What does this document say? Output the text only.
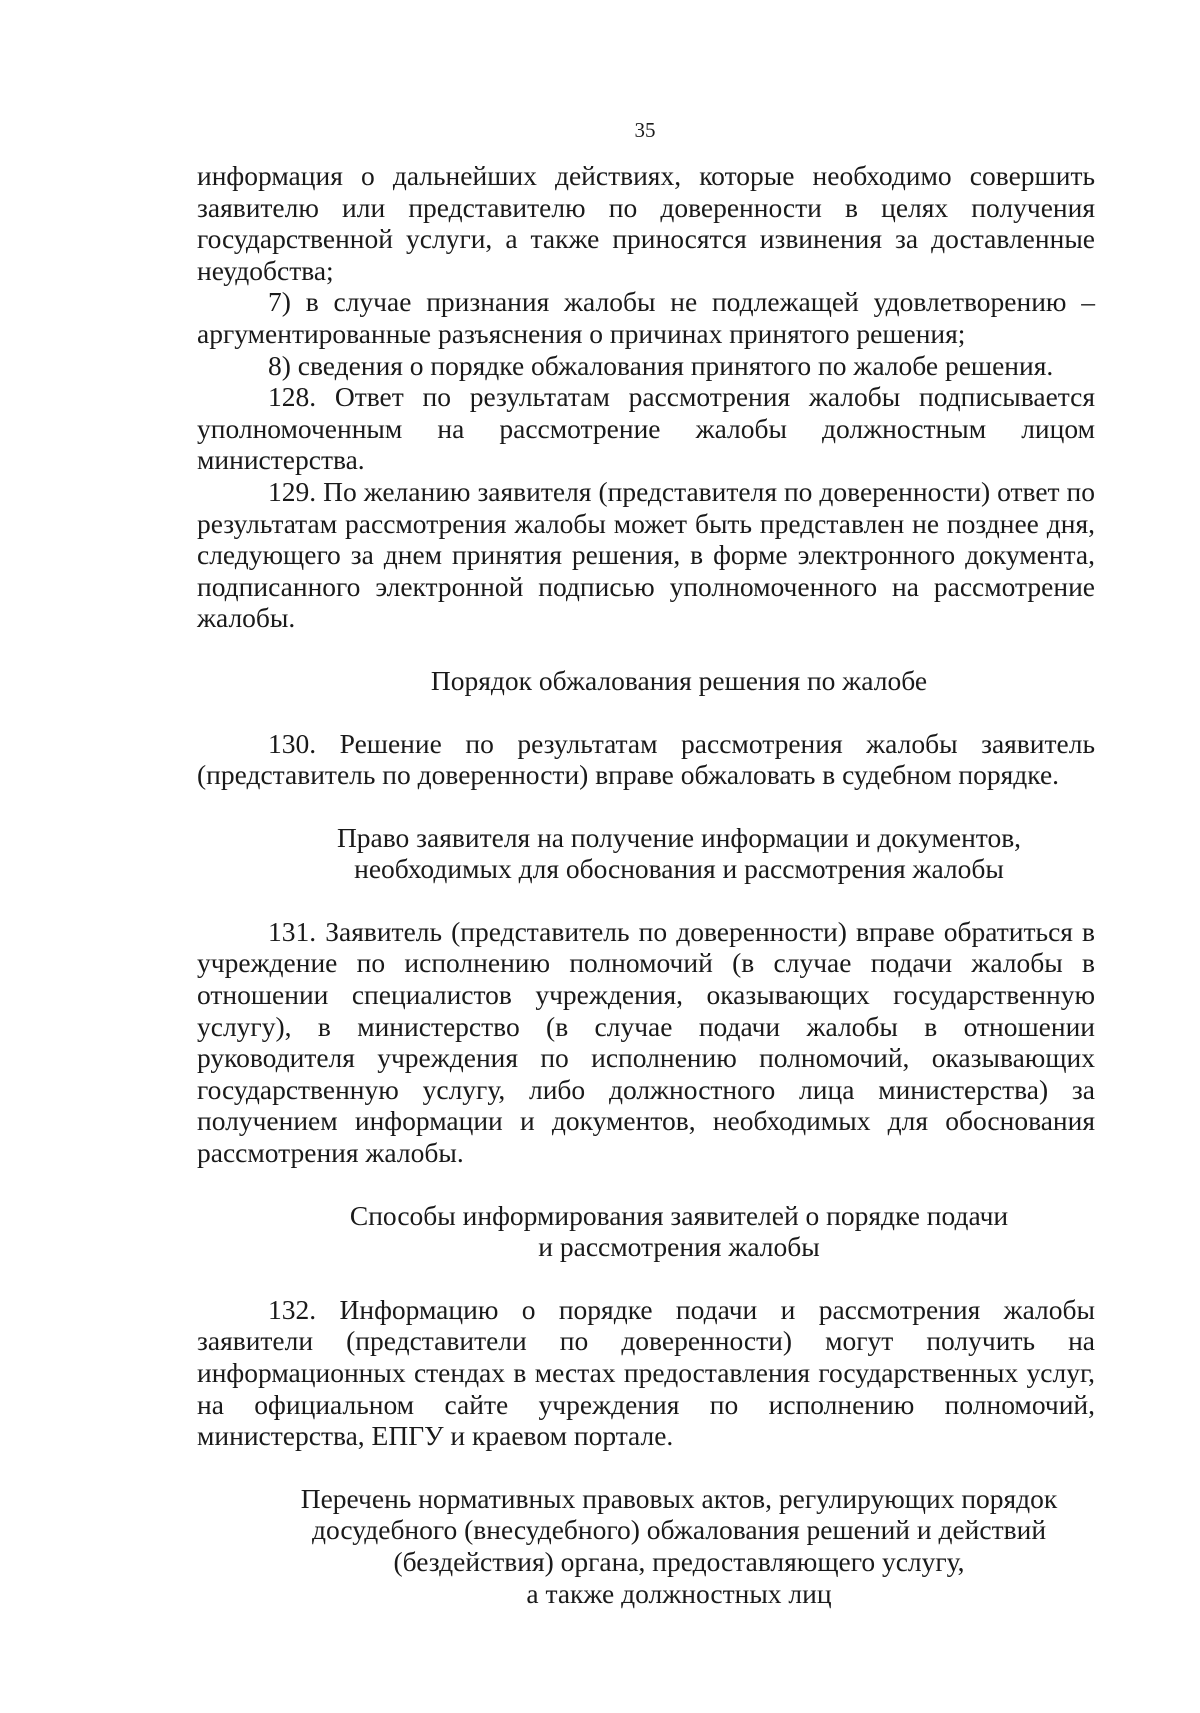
35

информация о дальнейших действиях, которые необходимо совершить заявителю или представителю по доверенности в целях получения государственной услуги, а также приносятся извинения за доставленные неудобства;

7) в случае признания жалобы не подлежащей удовлетворению – аргументированные разъяснения о причинах принятого решения;

8) сведения о порядке обжалования принятого по жалобе решения.

128. Ответ по результатам рассмотрения жалобы подписывается уполномоченным на рассмотрение жалобы должностным лицом министерства.

129. По желанию заявителя (представителя по доверенности) ответ по результатам рассмотрения жалобы может быть представлен не позднее дня, следующего за днем принятия решения, в форме электронного документа, подписанного электронной подписью уполномоченного на рассмотрение жалобы.

Порядок обжалования решения по жалобе

130. Решение по результатам рассмотрения жалобы заявитель (представитель по доверенности) вправе обжаловать в судебном порядке.

Право заявителя на получение информации и документов,
необходимых для обоснования и рассмотрения жалобы

131. Заявитель (представитель по доверенности) вправе обратиться в учреждение по исполнению полномочий (в случае подачи жалобы в отношении специалистов учреждения, оказывающих государственную услугу), в министерство (в случае подачи жалобы в отношении руководителя учреждения по исполнению полномочий, оказывающих государственную услугу, либо должностного лица министерства) за получением информации и документов, необходимых для обоснования рассмотрения жалобы.

Способы информирования заявителей о порядке подачи
и рассмотрения жалобы

132. Информацию о порядке подачи и рассмотрения жалобы заявители (представители по доверенности) могут получить на информационных стендах в местах предоставления государственных услуг, на официальном сайте учреждения по исполнению полномочий, министерства, ЕПГУ и краевом портале.

Перечень нормативных правовых актов, регулирующих порядок
досудебного (внесудебного) обжалования решений и действий
(бездействия) органа, предоставляющего услугу,
а также должностных лиц
